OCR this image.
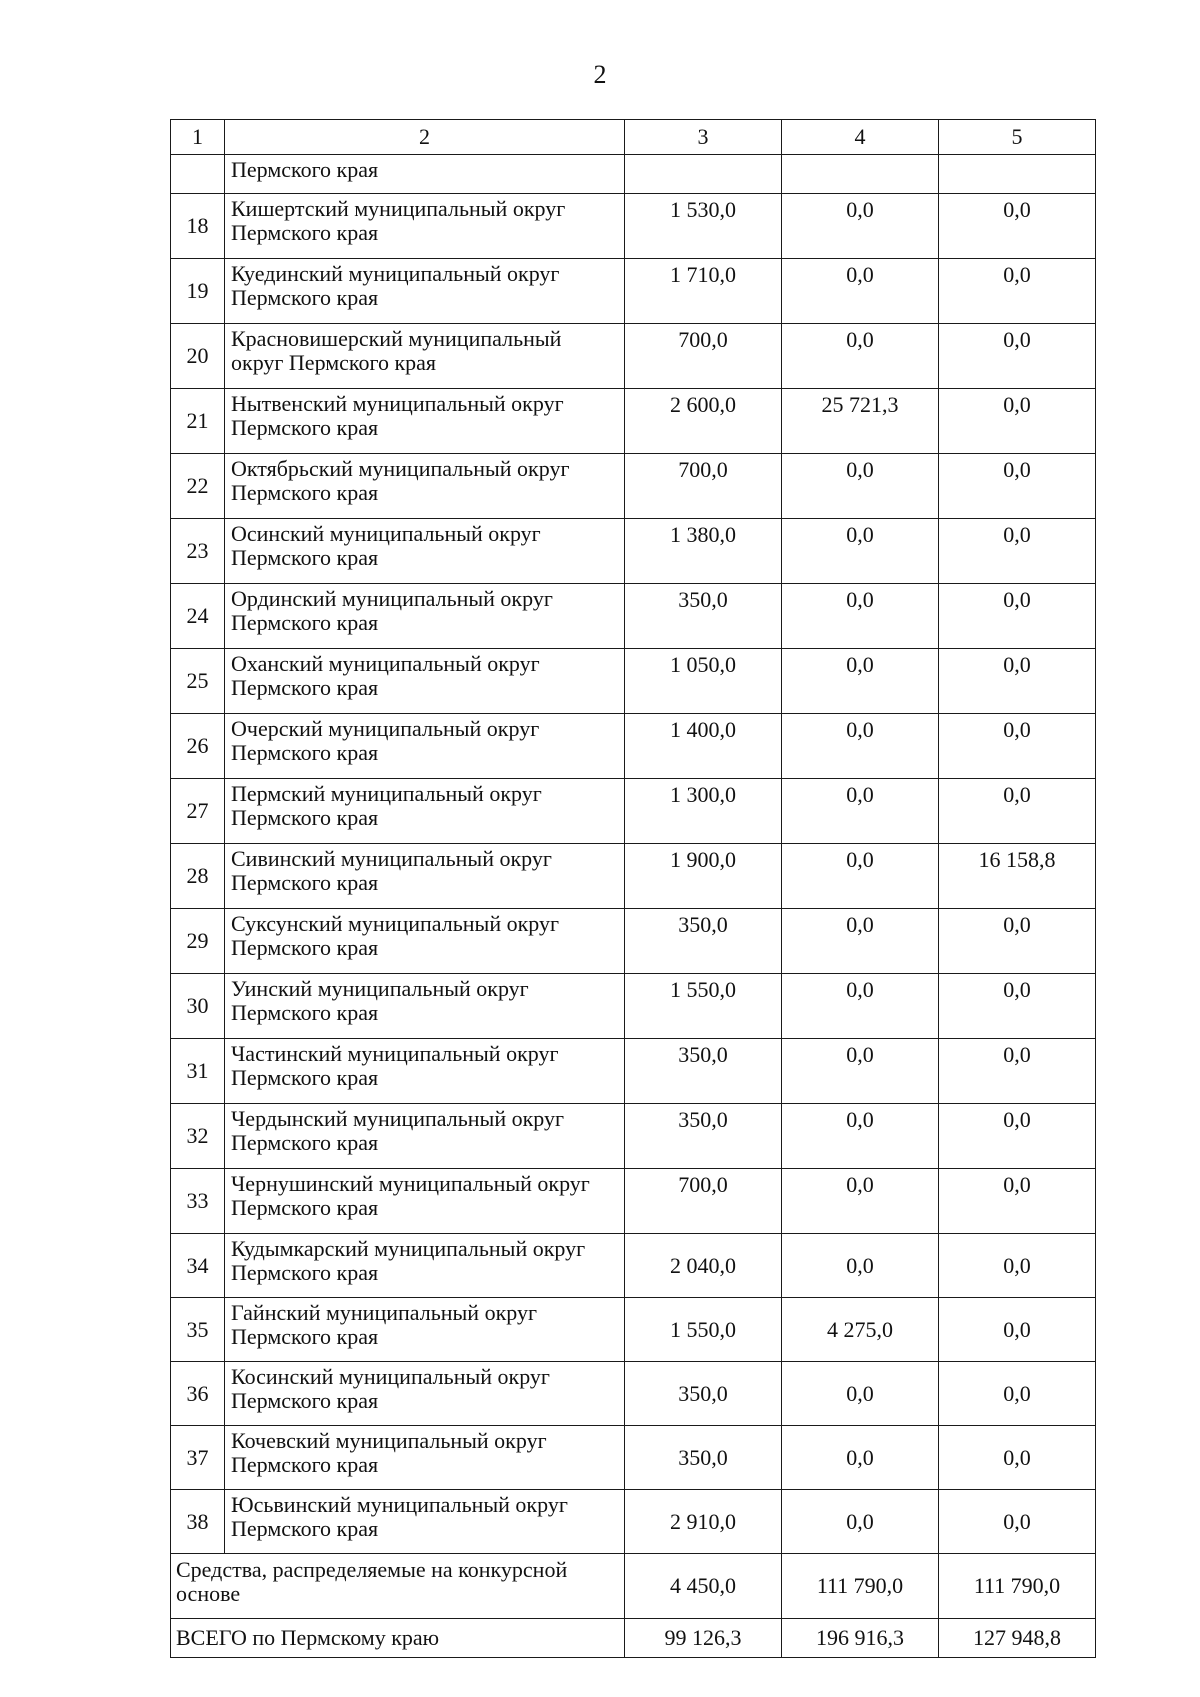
2
1	2	3	4	5
	Пермского края			
18	Кишертский муниципальный округ Пермского края	1 530,0	0,0	0,0
19	Куединский муниципальный округ Пермского края	1 710,0	0,0	0,0
20	Красновишерский муниципальный округ Пермского края	700,0	0,0	0,0
21	Нытвенский муниципальный округ Пермского края	2 600,0	25 721,3	0,0
22	Октябрьский муниципальный округ Пермского края	700,0	0,0	0,0
23	Осинский муниципальный округ Пермского края	1 380,0	0,0	0,0
24	Ординский муниципальный округ Пермского края	350,0	0,0	0,0
25	Оханский муниципальный округ Пермского края	1 050,0	0,0	0,0
26	Очерский муниципальный округ Пермского края	1 400,0	0,0	0,0
27	Пермский муниципальный округ Пермского края	1 300,0	0,0	0,0
28	Сивинский муниципальный округ Пермского края	1 900,0	0,0	16 158,8
29	Суксунский муниципальный округ Пермского края	350,0	0,0	0,0
30	Уинский муниципальный округ Пермского края	1 550,0	0,0	0,0
31	Частинский муниципальный округ Пермского края	350,0	0,0	0,0
32	Чердынский муниципальный округ Пермского края	350,0	0,0	0,0
33	Чернушинский муниципальный округ Пермского края	700,0	0,0	0,0
34	Кудымкарский муниципальный округ Пермского края	2 040,0	0,0	0,0
35	Гайнский муниципальный округ Пермского края	1 550,0	4 275,0	0,0
36	Косинский муниципальный округ Пермского края	350,0	0,0	0,0
37	Кочевский муниципальный округ Пермского края	350,0	0,0	0,0
38	Юсьвинский муниципальный округ Пермского края	2 910,0	0,0	0,0
Средства, распределяемые на конкурсной основе		4 450,0	111 790,0	111 790,0
ВСЕГО по Пермскому краю		99 126,3	196 916,3	127 948,8
